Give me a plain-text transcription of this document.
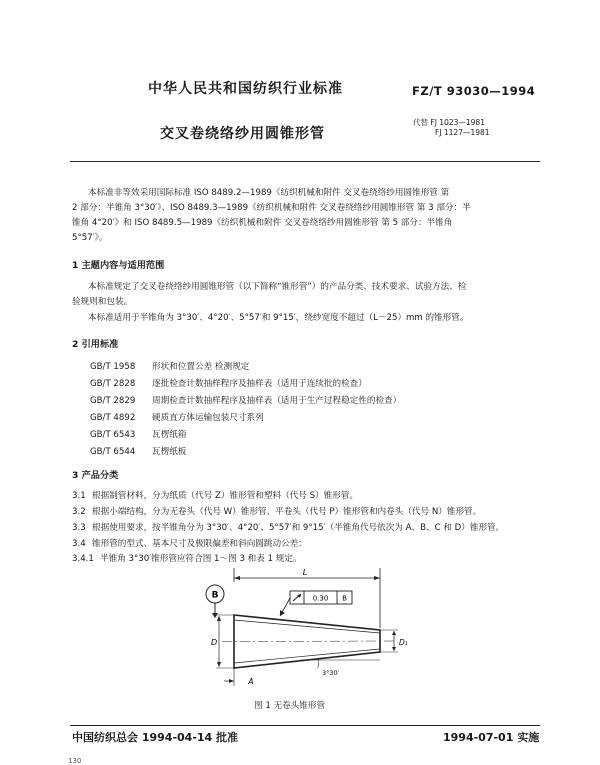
中华人民共和国纺织行业标准	FZ/T 93030—1994
交叉卷绕络纱用圆锥形管
代替 FJ 1023—1981
FJ 1127—1981
本标准非等效采用国际标准 ISO 8489.2—1989《纺织机械和附件 交叉卷绕络纱用圆锥形管 第
2 部分：半锥角 3°30′》、ISO 8489.3—1989《纺织机械和附件 交叉卷绕络纱用圆锥形管 第 3 部分：半
锥角 4°20′》和 ISO 8489.5—1989《纺织机械和附件 交叉卷绕络纱用圆锥形管 第 5 部分：半锥角
5°57′》。
1 主题内容与适用范围
本标准规定了交叉卷绕络纱用圆锥形管（以下简称“锥形管”）的产品分类、技术要求、试验方法、检
验规则和包装。
本标准适用于半锥角为 3°30′、4°20′、5°57′和 9°15′，绕纱宽度不超过（L－25）mm 的锥形管。
2 引用标准
GB/T 1958 形状和位置公差 检测规定
GB/T 2828 逐批检查计数抽样程序及抽样表（适用于连续批的检查）
GB/T 2829 周期检查计数抽样程序及抽样表（适用于生产过程稳定性的检查）
GB/T 4892 硬质直方体运输包装尺寸系列
GB/T 6543 瓦楞纸箱
GB/T 6544 瓦楞纸板
3 产品分类
3.1 根据制管材料，分为纸质（代号 Z）锥形管和塑料（代号 S）锥形管。
3.2 根据小端结构，分为无卷头（代号 W）锥形管、平卷头（代号 P）锥形管和内卷头（代号 N）锥形管。
3.3 根据使用要求，按半锥角分为 3°30′、4°20′、5°57′和 9°15′（半锥角代号依次为 A、B、C 和 D）锥形管。
3.4 锥形管的型式、基本尺寸及极限偏差和斜向圆跳动公差：
3.4.1 半锥角 3°30′锥形管应符合图 1～图 3 和表 1 规定。
L
B	0.30 B
D	D₁
A
3°30′
图 1 无卷头锥形管
中国纺织总会 1994-04-14 批准	1994-07-01 实施
130
